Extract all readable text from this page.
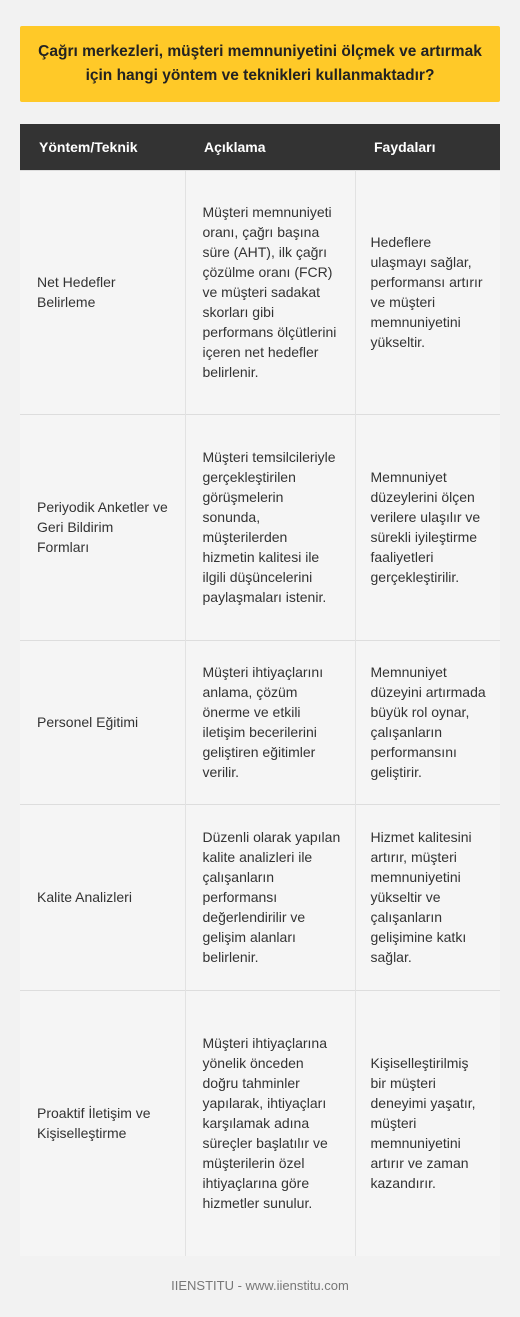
Çağrı merkezleri, müşteri memnuniyetini ölçmek ve artırmak için hangi yöntem ve teknikleri kullanmaktadır?
Yöntem/Teknik	Açıklama	Faydaları
Net Hedefler Belirleme	Müşteri memnuniyeti oranı, çağrı başına süre (AHT), ilk çağrı çözülme oranı (FCR) ve müşteri sadakat skorları gibi performans ölçütlerini içeren net hedefler belirlenir.	Hedeflere ulaşmayı sağlar, performansı artırır ve müşteri memnuniyetini yükseltir.
Periyodik Anketler ve Geri Bildirim Formları	Müşteri temsilcileriyle gerçekleştirilen görüşmelerin sonunda, müşterilerden hizmetin kalitesi ile ilgili düşüncelerini paylaşmaları istenir.	Memnuniyet düzeylerini ölçen verilere ulaşılır ve sürekli iyileştirme faaliyetleri gerçekleştirilir.
Personel Eğitimi	Müşteri ihtiyaçlarını anlama, çözüm önerme ve etkili iletişim becerilerini geliştiren eğitimler verilir.	Memnuniyet düzeyini artırmada büyük rol oynar, çalışanların performansını geliştirir.
Kalite Analizleri	Düzenli olarak yapılan kalite analizleri ile çalışanların performansı değerlendirilir ve gelişim alanları belirlenir.	Hizmet kalitesini artırır, müşteri memnuniyetini yükseltir ve çalışanların gelişimine katkı sağlar.
Proaktif İletişim ve Kişiselleştirme	Müşteri ihtiyaçlarına yönelik önceden doğru tahminler yapılarak, ihtiyaçları karşılamak adına süreçler başlatılır ve müşterilerin özel ihtiyaçlarına göre hizmetler sunulur.	Kişiselleştirilmiş bir müşteri deneyimi yaşatır, müşteri memnuniyetini artırır ve zaman kazandırır.
IIENSTITU - www.iienstitu.com
